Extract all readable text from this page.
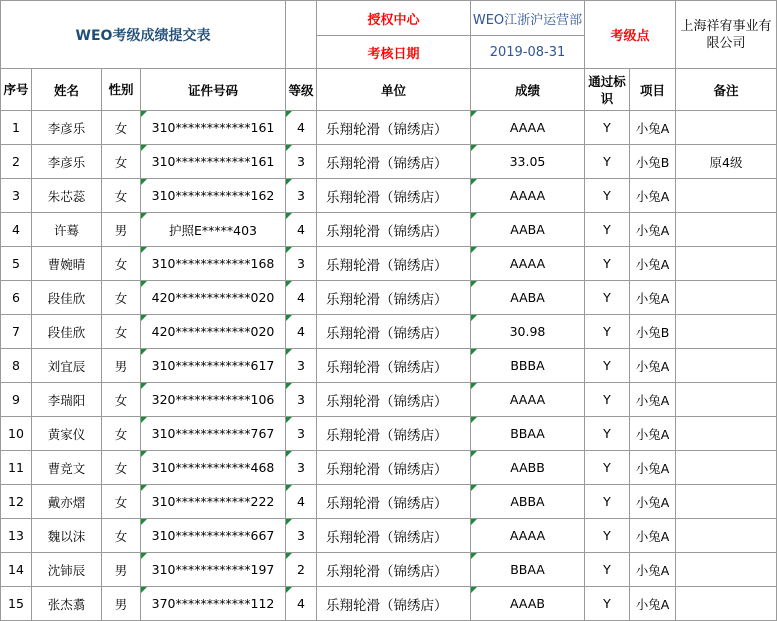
WEO考级成绩提交表					授权中心	WEO江浙沪运营部	考级点		上海祥宥事业有限公司
					考核日期	2019-08-31			
序号	姓名	性别	证件号码	等级	单位	成绩	通过标识	项目	备注
1	李彦乐	女	310************161	4	乐翔轮滑（锦绣店）	AAAA	Y	小兔A	
2	李彦乐	女	310************161	3	乐翔轮滑（锦绣店）	33.05	Y	小兔B	原4级
3	朱芯蕊	女	310************162	3	乐翔轮滑（锦绣店）	AAAA	Y	小兔A	
4	许蓦	男	护照E*****403	4	乐翔轮滑（锦绣店）	AABA	Y	小兔A	
5	曹婉晴	女	310************168	3	乐翔轮滑（锦绣店）	AAAA	Y	小兔A	
6	段佳欣	女	420************020	4	乐翔轮滑（锦绣店）	AABA	Y	小兔A	
7	段佳欣	女	420************020	4	乐翔轮滑（锦绣店）	30.98	Y	小兔B	
8	刘宜辰	男	310************617	3	乐翔轮滑（锦绣店）	BBBA	Y	小兔A	
9	李瑞阳	女	320************106	3	乐翔轮滑（锦绣店）	AAAA	Y	小兔A	
10	黄家仪	女	310************767	3	乐翔轮滑（锦绣店）	BBAA	Y	小兔A	
11	曹竞文	女	310************468	3	乐翔轮滑（锦绣店）	AABB	Y	小兔A	
12	戴亦熠	女	310************222	4	乐翔轮滑（锦绣店）	ABBA	Y	小兔A	
13	魏以沫	女	310************667	3	乐翔轮滑（锦绣店）	AAAA	Y	小兔A	
14	沈铈辰	男	310************197	2	乐翔轮滑（锦绣店）	BBAA	Y	小兔A	
15	张杰翥	男	370************112	4	乐翔轮滑（锦绣店）	AAAB	Y	小兔A	
